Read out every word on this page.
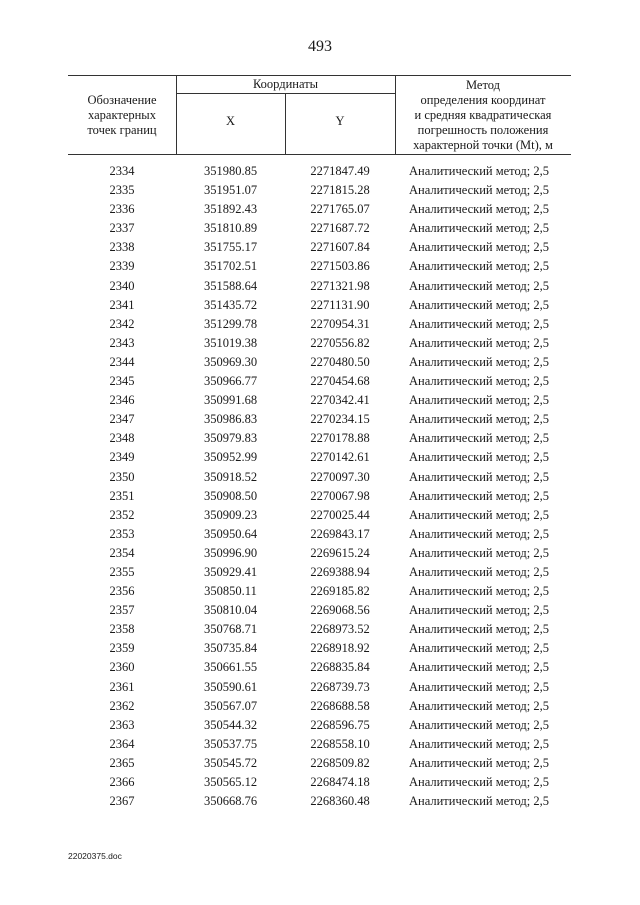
493
Обозначение характерных точек границ
Координаты
X	Y
Метод
определения координат
и средняя квадратическая
погрешность положения
характерной точки (Mt), м
2334	351980.85	2271847.49	Аналитический метод; 2,5
2335	351951.07	2271815.28	Аналитический метод; 2,5
2336	351892.43	2271765.07	Аналитический метод; 2,5
2337	351810.89	2271687.72	Аналитический метод; 2,5
2338	351755.17	2271607.84	Аналитический метод; 2,5
2339	351702.51	2271503.86	Аналитический метод; 2,5
2340	351588.64	2271321.98	Аналитический метод; 2,5
2341	351435.72	2271131.90	Аналитический метод; 2,5
2342	351299.78	2270954.31	Аналитический метод; 2,5
2343	351019.38	2270556.82	Аналитический метод; 2,5
2344	350969.30	2270480.50	Аналитический метод; 2,5
2345	350966.77	2270454.68	Аналитический метод; 2,5
2346	350991.68	2270342.41	Аналитический метод; 2,5
2347	350986.83	2270234.15	Аналитический метод; 2,5
2348	350979.83	2270178.88	Аналитический метод; 2,5
2349	350952.99	2270142.61	Аналитический метод; 2,5
2350	350918.52	2270097.30	Аналитический метод; 2,5
2351	350908.50	2270067.98	Аналитический метод; 2,5
2352	350909.23	2270025.44	Аналитический метод; 2,5
2353	350950.64	2269843.17	Аналитический метод; 2,5
2354	350996.90	2269615.24	Аналитический метод; 2,5
2355	350929.41	2269388.94	Аналитический метод; 2,5
2356	350850.11	2269185.82	Аналитический метод; 2,5
2357	350810.04	2269068.56	Аналитический метод; 2,5
2358	350768.71	2268973.52	Аналитический метод; 2,5
2359	350735.84	2268918.92	Аналитический метод; 2,5
2360	350661.55	2268835.84	Аналитический метод; 2,5
2361	350590.61	2268739.73	Аналитический метод; 2,5
2362	350567.07	2268688.58	Аналитический метод; 2,5
2363	350544.32	2268596.75	Аналитический метод; 2,5
2364	350537.75	2268558.10	Аналитический метод; 2,5
2365	350545.72	2268509.82	Аналитический метод; 2,5
2366	350565.12	2268474.18	Аналитический метод; 2,5
2367	350668.76	2268360.48	Аналитический метод; 2,5
22020375.doc
